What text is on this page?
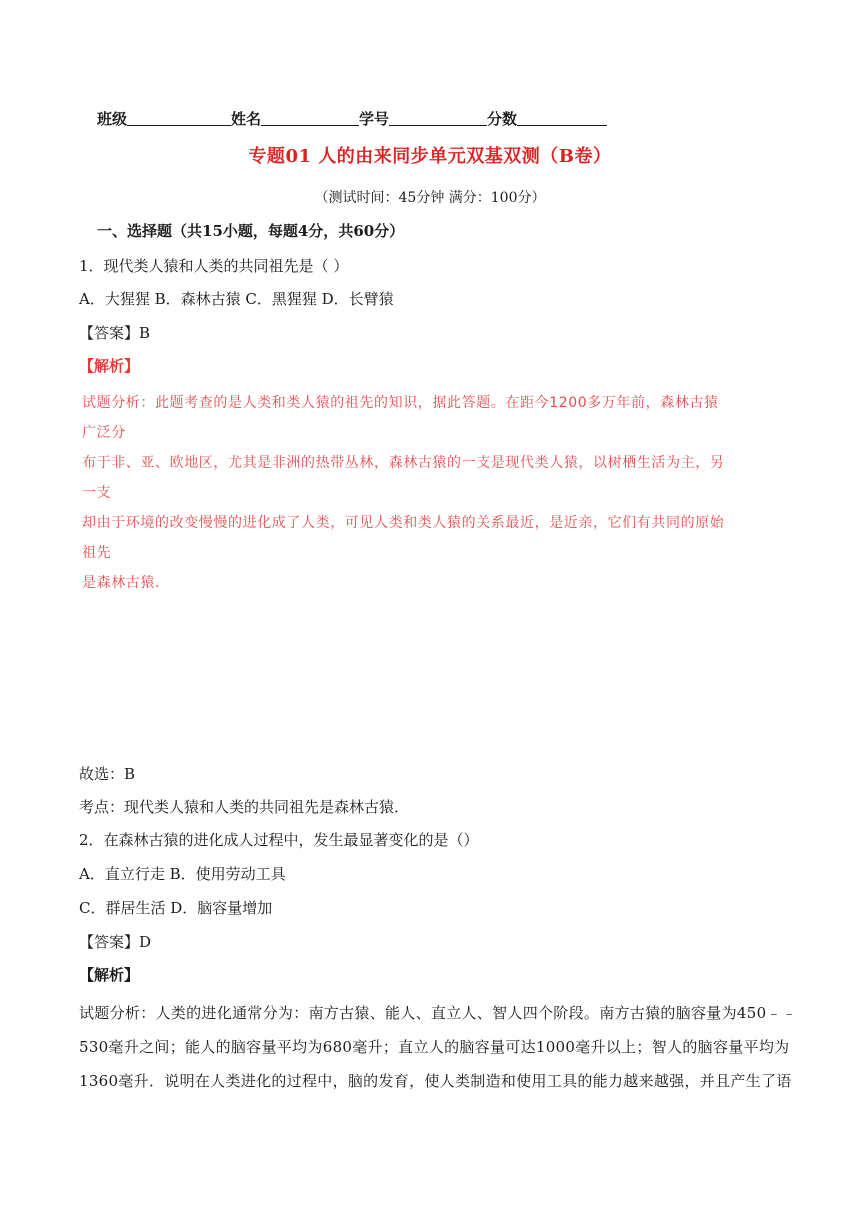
班级	姓名	学号	分数
专题01 人的由来同步单元双基双测（B卷）
（测试时间：45分钟 满分：100分）
一、选择题（共15小题，每题4分，共60分）
1．现代类人猿和人类的共同祖先是（ ）
A．大猩猩 B．森林古猿 C．黑猩猩 D．长臂猿
【答案】B
【解析】
试题分析：此题考查的是人类和类人猿的祖先的知识，据此答题。在距今1200多万年前，森林古猿广泛分
布于非、亚、欧地区，尤其是非洲的热带丛林，森林古猿的一支是现代类人猿，以树栖生活为主，另一支
却由于环境的改变慢慢的进化成了人类，可见人类和类人猿的关系最近，是近亲，它们有共同的原始祖先
是森林古猿．
故选：B
考点：现代类人猿和人类的共同祖先是森林古猿．
2．在森林古猿的进化成人过程中，发生最显著变化的是（）
A．直立行走 B．使用劳动工具
C．群居生活 D．脑容量增加
【答案】D
【解析】
试题分析：人类的进化通常分为：南方古猿、能人、直立人、智人四个阶段。南方古猿的脑容量为450﹣﹣
530毫升之间；能人的脑容量平均为680毫升；直立人的脑容量可达1000毫升以上；智人的脑容量平均为
1360毫升．说明在人类进化的过程中，脑的发育，使人类制造和使用工具的能力越来越强，并且产生了语
